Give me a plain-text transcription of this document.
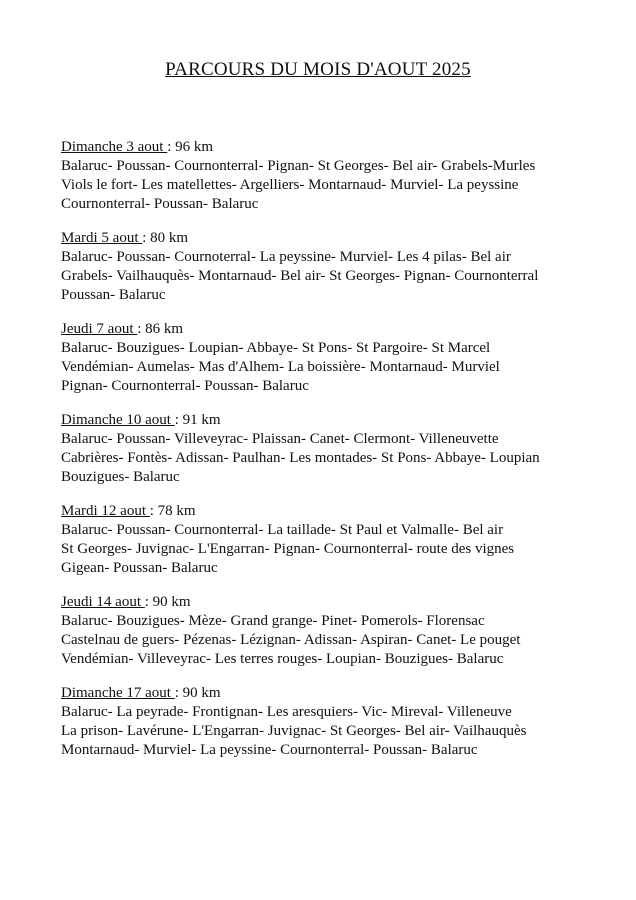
PARCOURS DU MOIS D'AOUT 2025

Dimanche 3 aout : 96 km

Balaruc- Poussan- Cournonterral- Pignan- St Georges- Bel air- Grabels-Murles

Viols le fort- Les matellettes- Argelliers- Montarnaud- Murviel- La peyssine

Cournonterral- Poussan- Balaruc

Mardi 5 aout : 80 km

Balaruc- Poussan- Cournoterral- La peyssine- Murviel- Les 4 pilas- Bel air

Grabels- Vailhauquès- Montarnaud- Bel air- St Georges- Pignan- Cournonterral

Poussan- Balaruc

Jeudi 7 aout : 86 km

Balaruc- Bouzigues- Loupian- Abbaye- St Pons- St Pargoire- St Marcel

Vendémian- Aumelas- Mas d'Alhem- La boissière- Montarnaud- Murviel

Pignan- Cournonterral- Poussan- Balaruc

Dimanche 10 aout : 91 km

Balaruc- Poussan- Villeveyrac- Plaissan- Canet- Clermont- Villeneuvette

Cabrières- Fontès- Adissan- Paulhan- Les montades- St Pons- Abbaye- Loupian

Bouzigues- Balaruc

Mardi 12 aout : 78 km

Balaruc- Poussan- Cournonterral- La taillade- St Paul et Valmalle- Bel air

St Georges- Juvignac- L'Engarran- Pignan- Cournonterral- route des vignes

Gigean- Poussan- Balaruc

Jeudi 14 aout : 90 km

Balaruc- Bouzigues- Mèze- Grand grange- Pinet- Pomerols- Florensac

Castelnau de guers- Pézenas- Lézignan- Adissan- Aspiran- Canet- Le pouget

Vendémian- Villeveyrac- Les terres rouges- Loupian- Bouzigues- Balaruc

Dimanche 17 aout : 90 km

Balaruc- La peyrade- Frontignan- Les aresquiers- Vic- Mireval- Villeneuve

La prison- Lavérune- L'Engarran- Juvignac- St Georges- Bel air- Vailhauquès

Montarnaud- Murviel- La peyssine- Cournonterral- Poussan- Balaruc
